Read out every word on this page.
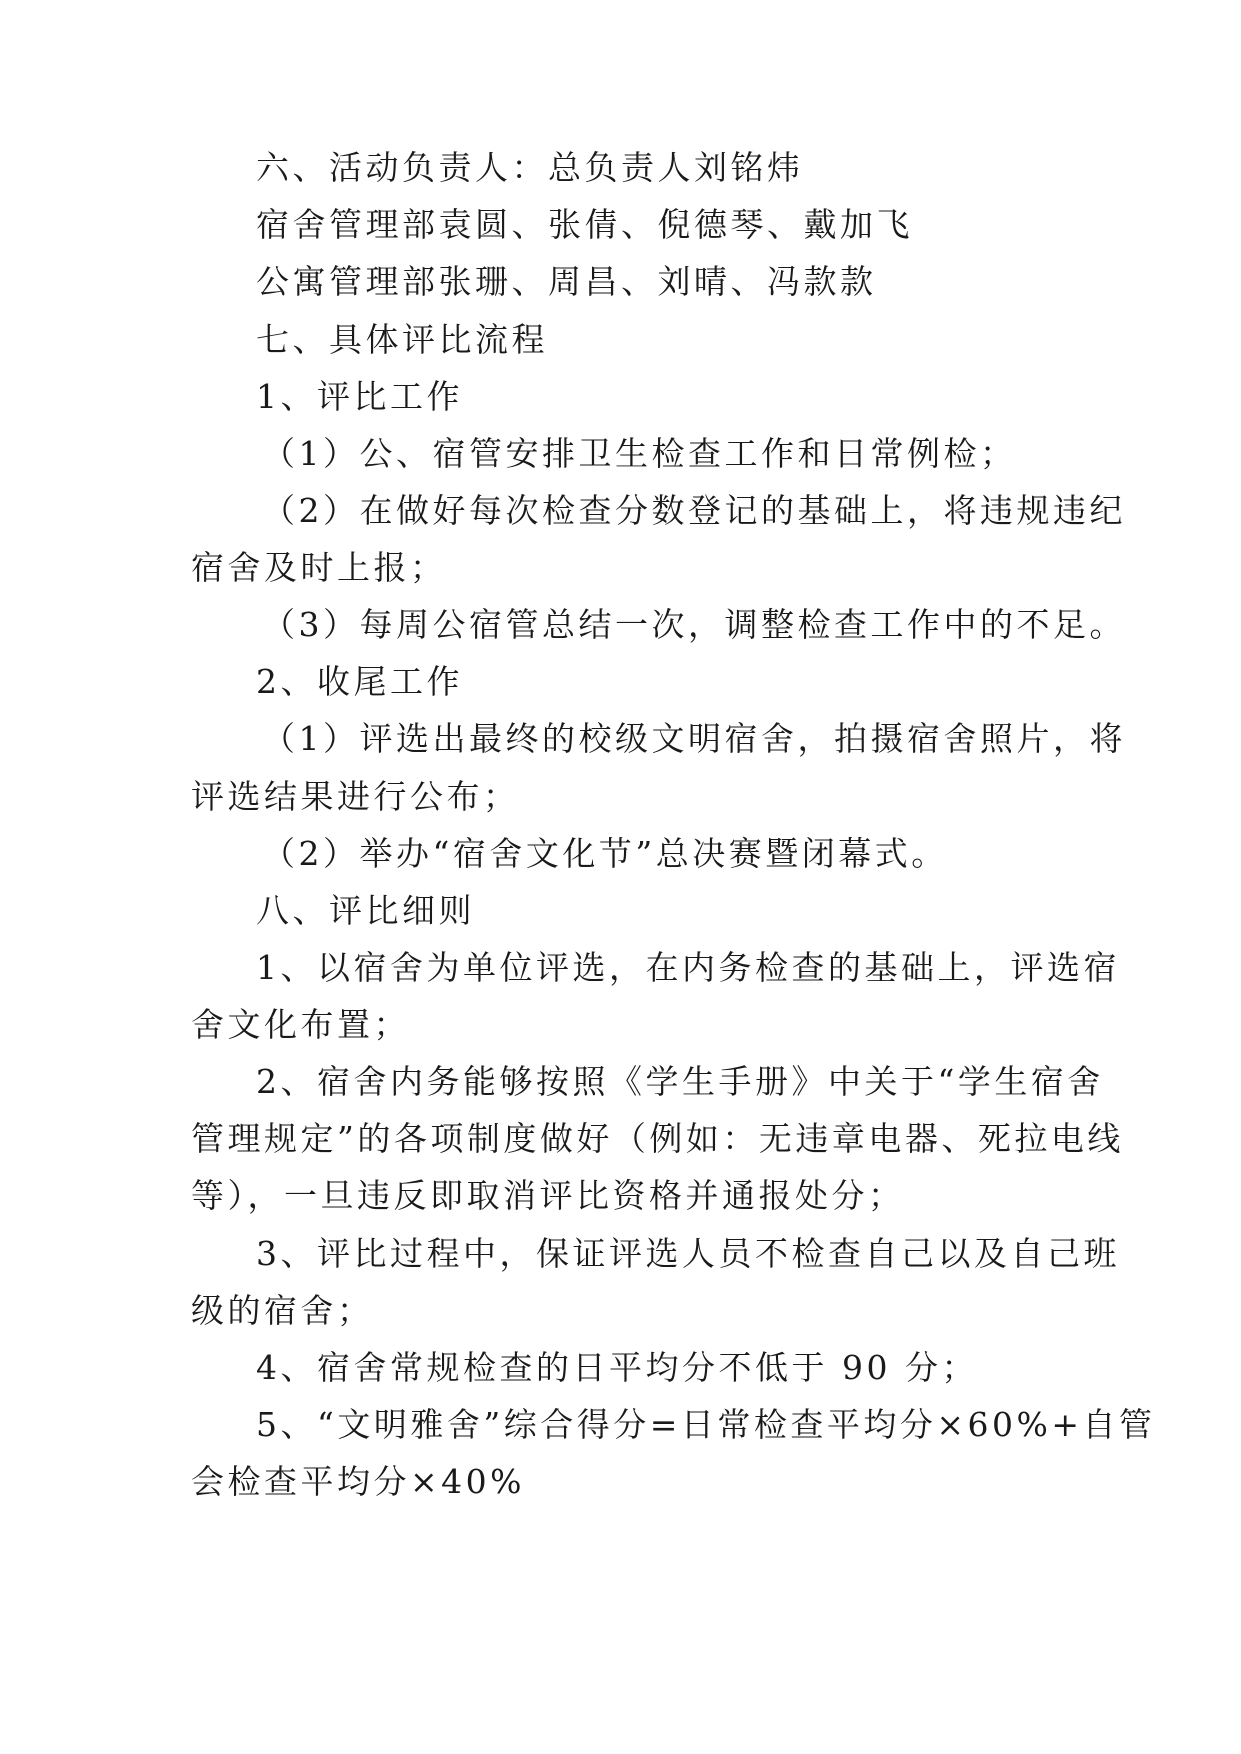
六、活动负责人：总负责人刘铭炜
宿舍管理部袁圆、张倩、倪德琴、戴加飞
公寓管理部张珊、周昌、刘晴、冯款款
七、具体评比流程
1、评比工作
（1）公、宿管安排卫生检查工作和日常例检；
（2）在做好每次检查分数登记的基础上，将违规违纪
宿舍及时上报；
（3）每周公宿管总结一次，调整检查工作中的不足。
2、收尾工作
（1）评选出最终的校级文明宿舍，拍摄宿舍照片，将
评选结果进行公布；
（2）举办“宿舍文化节”总决赛暨闭幕式。
八、评比细则
1、以宿舍为单位评选，在内务检查的基础上，评选宿
舍文化布置；
2、宿舍内务能够按照《学生手册》中关于“学生宿舍
管理规定”的各项制度做好（例如：无违章电器、死拉电线
等），一旦违反即取消评比资格并通报处分；
3、评比过程中，保证评选人员不检查自己以及自己班
级的宿舍；
4、宿舍常规检查的日平均分不低于 90 分；
5、“文明雅舍”综合得分=日常检查平均分×60%+自管
会检查平均分×40%
